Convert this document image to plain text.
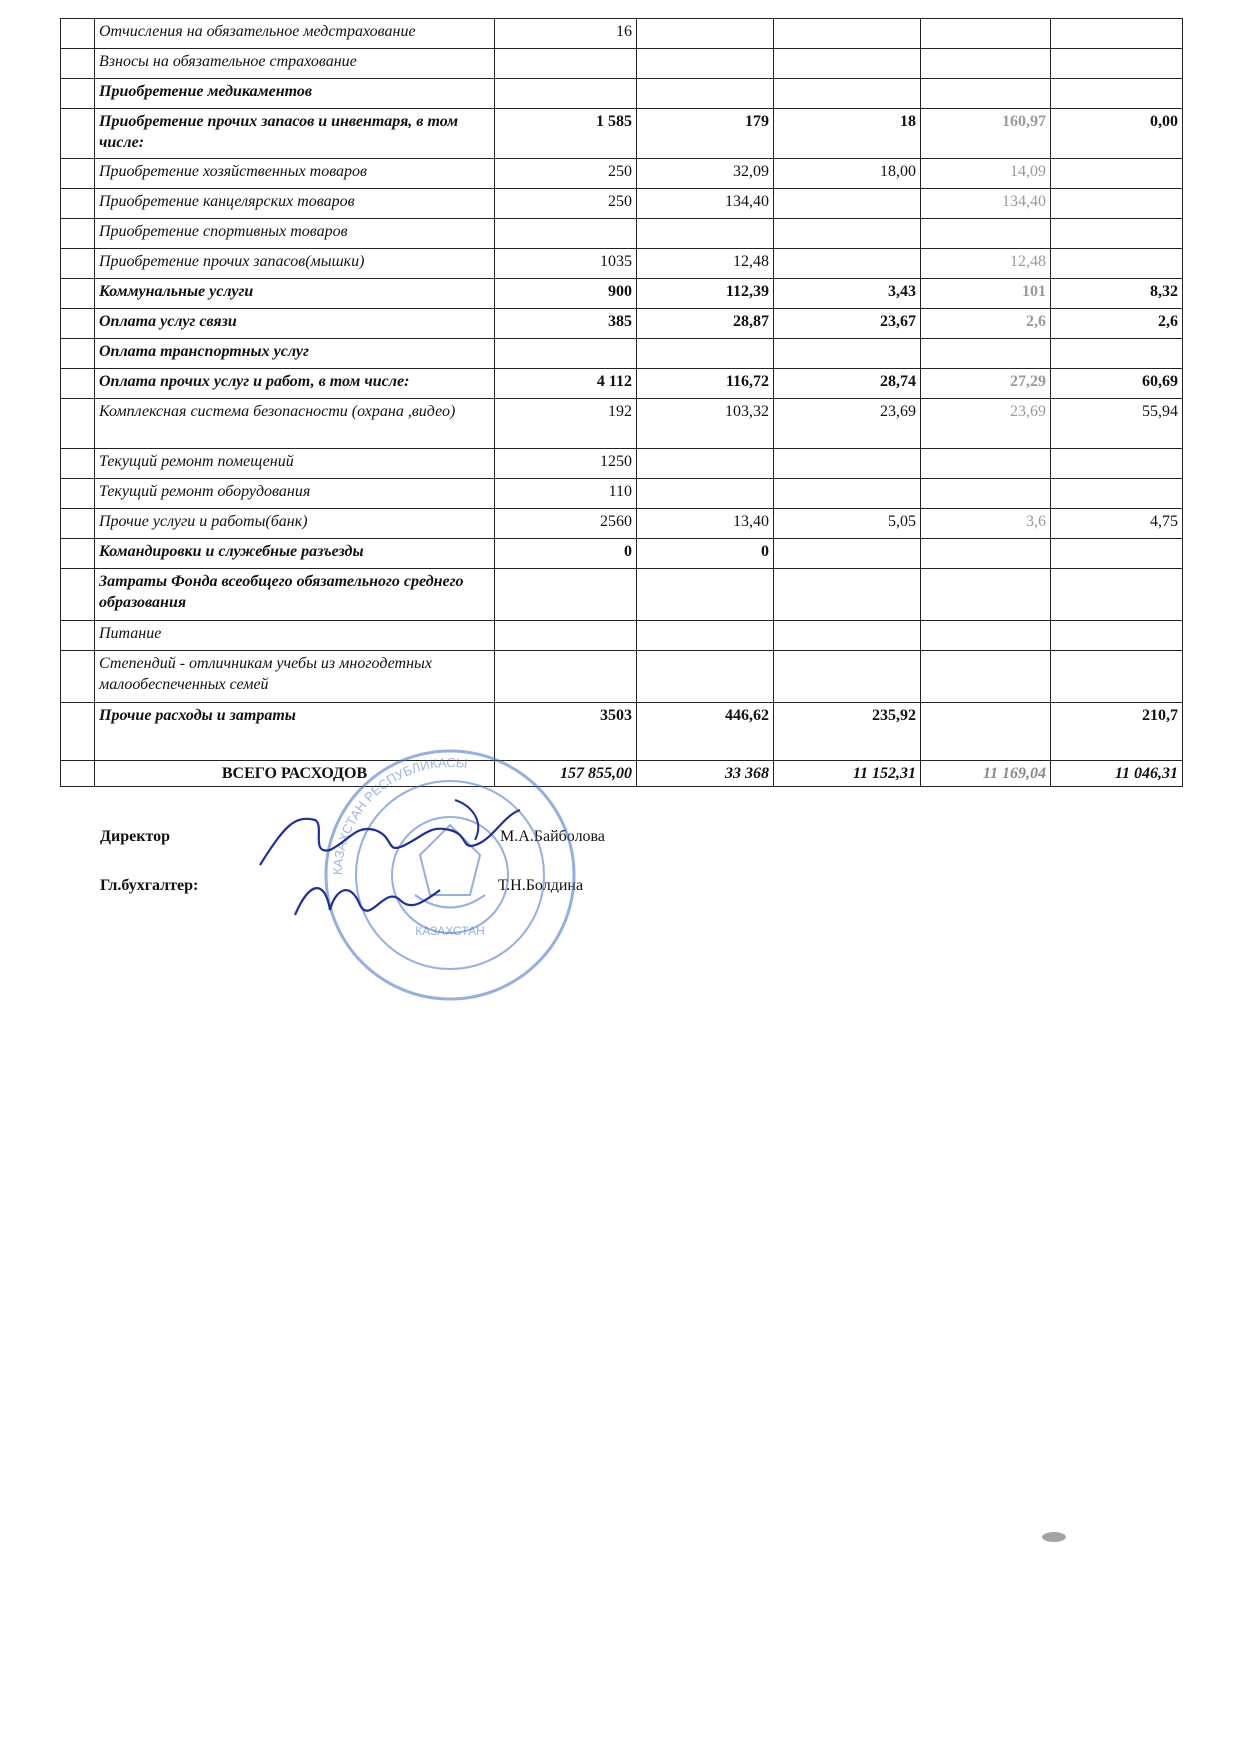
	Отчисления на обязательное медстрахование	16				
	Взносы на обязательное страхование					
	Приобретение медикаментов					
	Приобретение прочих запасов и инвентаря, в том числе:	1 585	179	18	160,97	0,00
	Приобретение хозяйственных товаров	250	32,09	18,00	14,09	
	Приобретение канцелярских товаров	250	134,40		134,40	
	Приобретение спортивных товаров					
	Приобретение прочих запасов(мышки)	1035	12,48		12,48	
	Коммунальные услуги	900	112,39	3,43	101	8,32
	Оплата услуг связи	385	28,87	23,67	2,6	2,6
	Оплата транспортных услуг					
	Оплата прочих услуг и работ, в том числе:	4 112	116,72	28,74	27,29	60,69
	Комплексная система безопасности (охрана ,видео)	192	103,32	23,69	23,69	55,94
	Текущий ремонт помещений	1250				
	Текущий ремонт оборудования	110				
	Прочие услуги и работы(банк)	2560	13,40	5,05	3,6	4,75
	Командировки и служебные разъезды	0	0			
	Затраты Фонда всеобщего обязательного среднего образования					
	Питание					
	Степендий - отличникам учебы из многодетных малообеспеченных семей					
	Прочие расходы и затраты	3503	446,62	235,92		210,7
	ВСЕГО РАСХОДОВ	157 855,00	33 368	11 152,31	11 169,04	11 046,31
Директор	М.А.Байболова
Гл.бухгалтер:	Т.Н.Болдина
КАЗАХСТАН РЕСПУБЛИКАСЫ
КАЗАХСТАН
